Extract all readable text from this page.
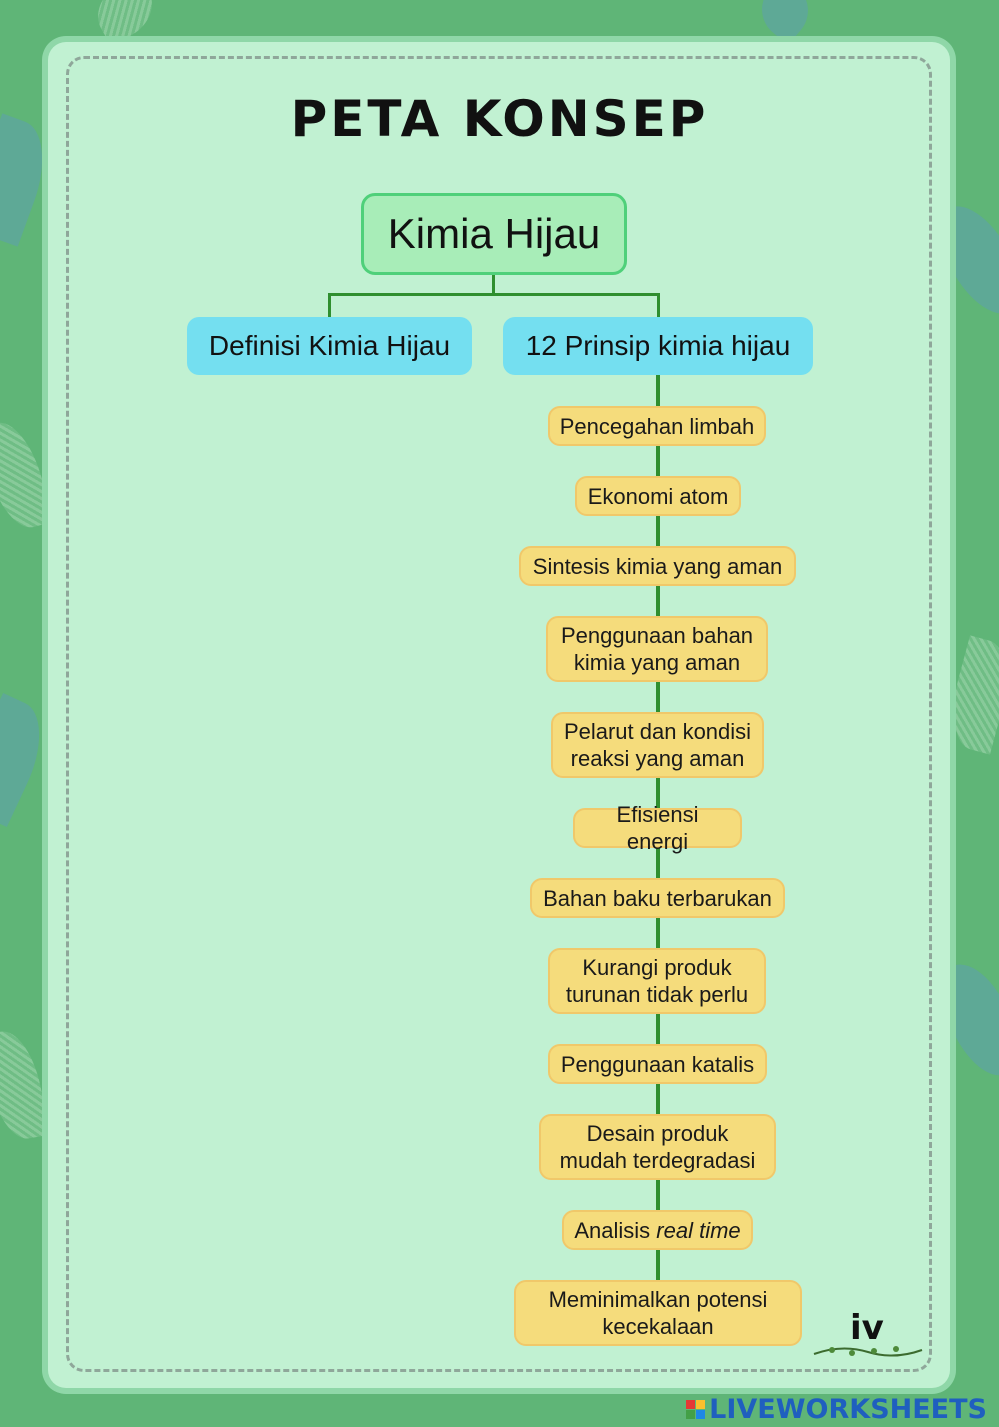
PETA KONSEP
Kimia Hijau
Definisi Kimia Hijau	12 Prinsip kimia hijau
Pencegahan limbah
Ekonomi atom
Sintesis kimia yang aman
Penggunaan bahan
kimia yang aman
Pelarut dan kondisi
reaksi yang aman
Efisiensi energi
Bahan baku terbarukan
Kurangi produk
turunan tidak perlu
Penggunaan katalis
Desain produk
mudah terdegradasi
Analisis real time
Meminimalkan potensi
kecekalaan	iv
LIVEWORKSHEETS
